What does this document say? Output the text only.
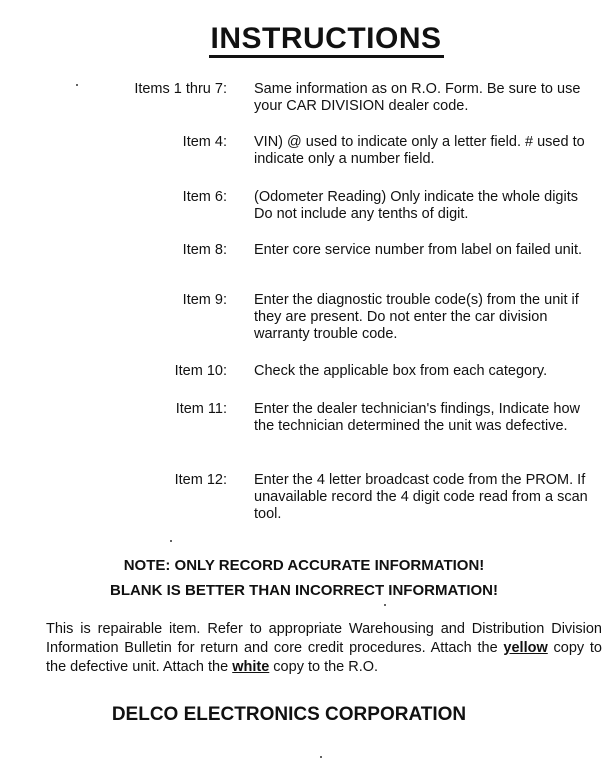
INSTRUCTIONS
Items 1 thru 7: Same information as on R.O. Form. Be sure to use your CAR DIVISION dealer code.
Item 4: VIN) @ used to indicate only a letter field. # used to indicate only a number field.
Item 6: (Odometer Reading) Only indicate the whole digits Do not include any tenths of digit.
Item 8: Enter core service number from label on failed unit.
Item 9: Enter the diagnostic trouble code(s) from the unit if they are present. Do not enter the car division warranty trouble code.
Item 10: Check the applicable box from each category.
Item 11: Enter the dealer technician's findings, Indicate how the technician determined the unit was defective.
Item 12: Enter the 4 letter broadcast code from the PROM. If unavailable record the 4 digit code read from a scan tool.
NOTE: ONLY RECORD ACCURATE INFORMATION!
BLANK IS BETTER THAN INCORRECT INFORMATION!
This is repairable item. Refer to appropriate Warehousing and Distribution Division Information Bulletin for return and core credit procedures. Attach the yellow copy to the defective unit. Attach the white copy to the R.O.
DELCO ELECTRONICS CORPORATION
